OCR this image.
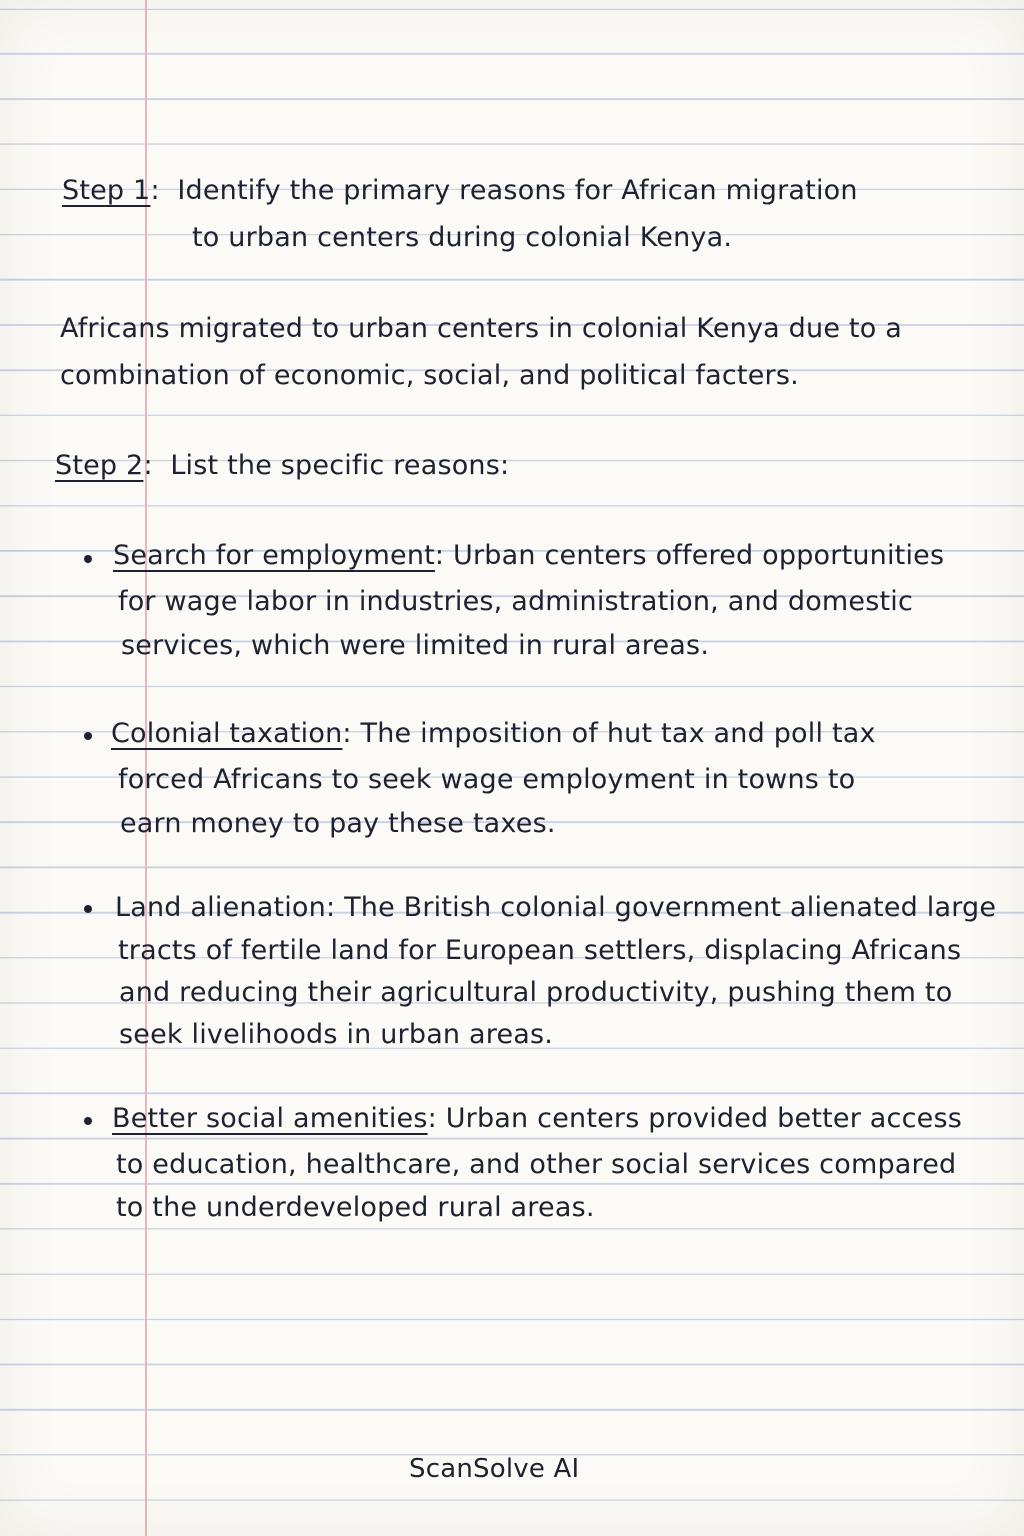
Step 1:  Identify the primary reasons for African migration
to urban centers during colonial Kenya.
Africans migrated to urban centers in colonial Kenya due to a
combination of economic, social, and political facters.
Step 2:  List the specific reasons:
Search for employment: Urban centers offered opportunities
for wage labor in industries, administration, and domestic
services, which were limited in rural areas.
Colonial taxation: The imposition of hut tax and poll tax
forced Africans to seek wage employment in towns to
earn money to pay these taxes.
Land alienation: The British colonial government alienated large
tracts of fertile land for European settlers, displacing Africans
and reducing their agricultural productivity, pushing them to
seek livelihoods in urban areas.
Better social amenities: Urban centers provided better access
to education, healthcare, and other social services compared
to the underdeveloped rural areas.
ScanSolve AI
